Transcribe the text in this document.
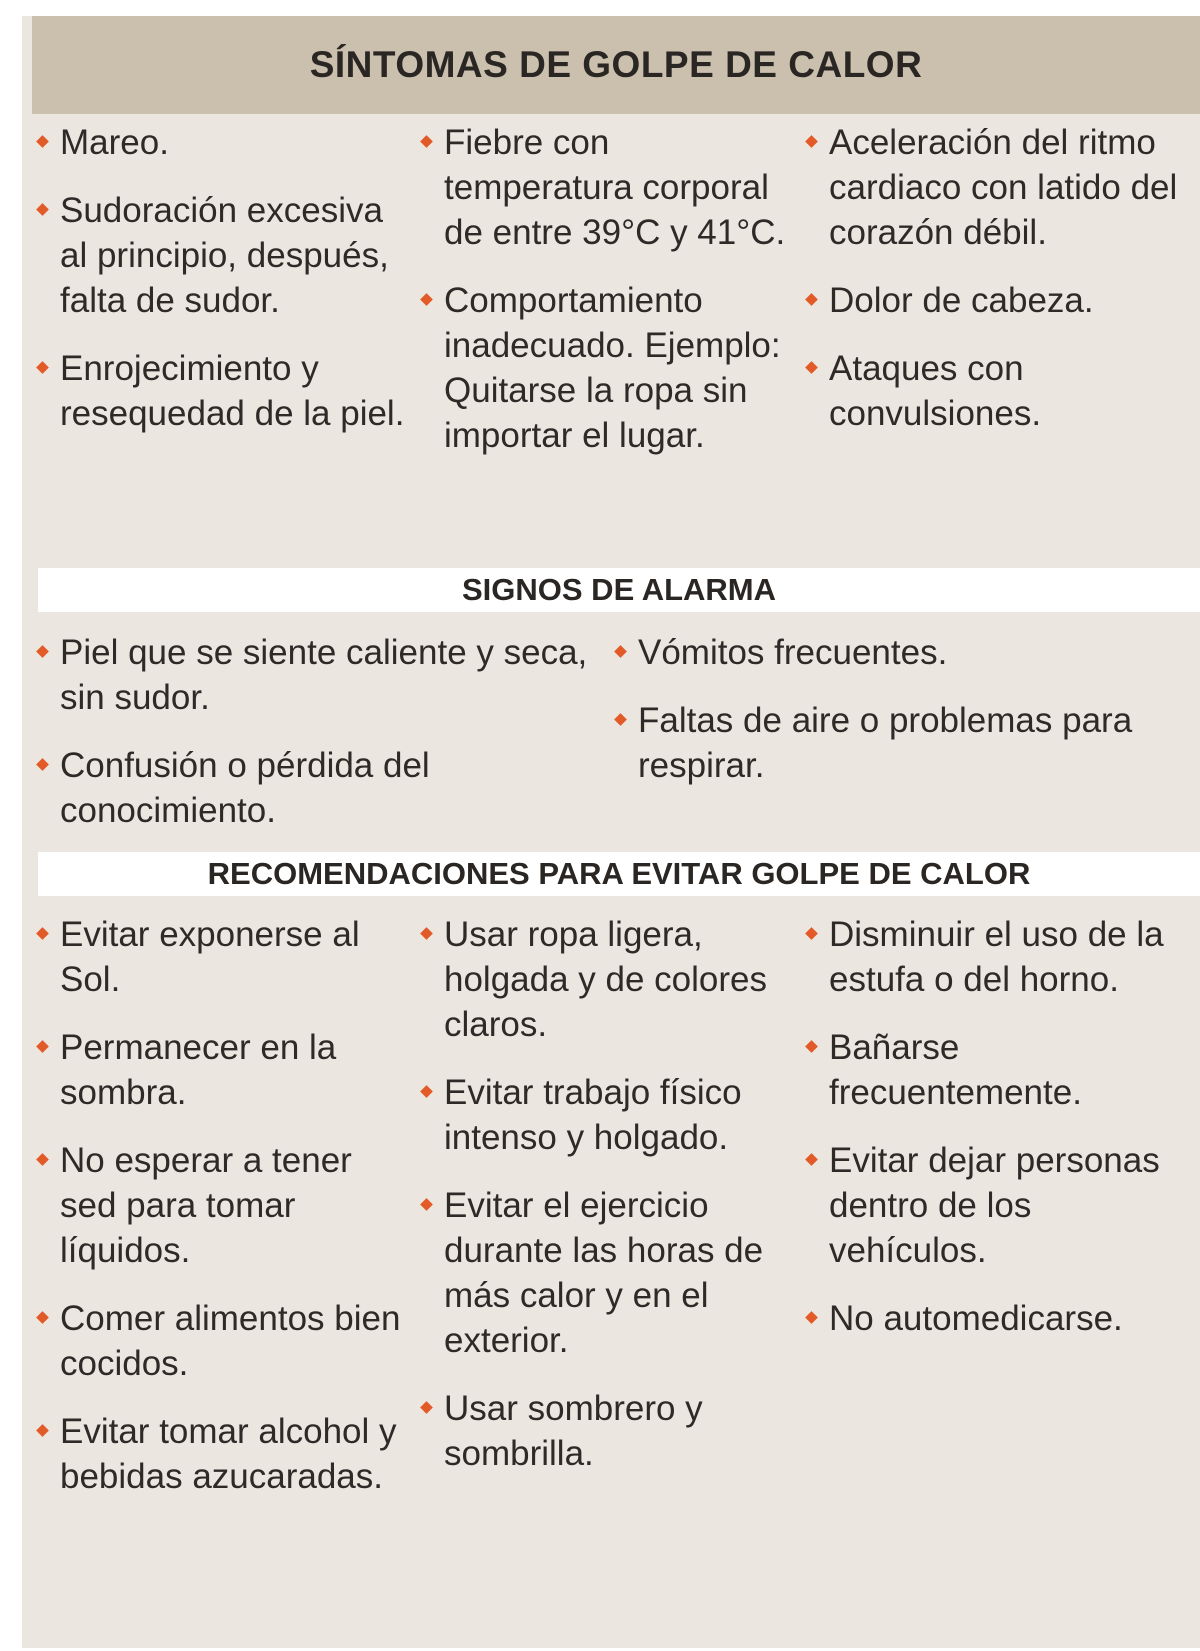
SÍNTOMAS DE GOLPE DE CALOR
Mareo.
Sudoración excesiva al principio, después, falta de sudor.
Enrojecimiento y resequedad de la piel.
Fiebre con temperatura corporal de entre 39°C y 41°C.
Comportamiento inadecuado. Ejemplo: Quitarse la ropa sin importar el lugar.
Aceleración del ritmo cardiaco con latido del corazón débil.
Dolor de cabeza.
Ataques con convulsiones.
SIGNOS DE ALARMA
Piel que se siente caliente y seca, sin sudor.
Confusión o pérdida del conocimiento.
Vómitos frecuentes.
Faltas de aire o problemas para respirar.
RECOMENDACIONES PARA EVITAR GOLPE DE CALOR
Evitar exponerse al Sol.
Permanecer en la sombra.
No esperar a tener sed para tomar líquidos.
Comer alimentos bien cocidos.
Evitar tomar alcohol y bebidas azucaradas.
Usar ropa ligera, holgada y de colores claros.
Evitar trabajo físico intenso y holgado.
Evitar el ejercicio durante las horas de más calor y en el exterior.
Usar sombrero y sombrilla.
Disminuir el uso de la estufa o del horno.
Bañarse frecuentemente.
Evitar dejar personas dentro de los vehículos.
No automedicarse.
